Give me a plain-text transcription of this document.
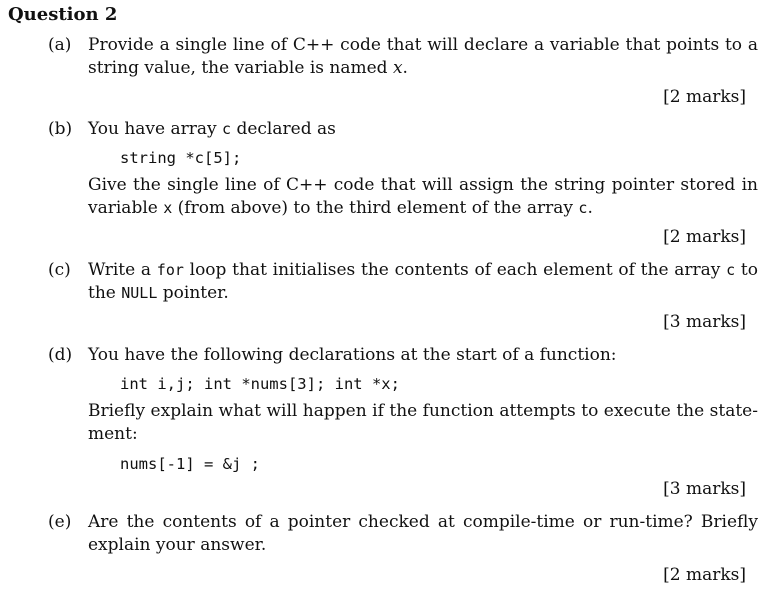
Question 2
(a) Provide a single line of C++ code that will declare a variable that points to a
string value, the variable is named x.
[2 marks]
(b) You have array c declared as
string *c[5];
Give the single line of C++ code that will assign the string pointer stored in
variable x (from above) to the third element of the array c.
[2 marks]
(c) Write a for loop that initialises the contents of each element of the array c to
the NULL pointer.
[3 marks]
(d) You have the following declarations at the start of a function:
int i,j; int *nums[3]; int *x;
Briefly explain what will happen if the function attempts to execute the state-
ment:
nums[-1] = &j ;
[3 marks]
(e) Are the contents of a pointer checked at compile-time or run-time? Briefly
explain your answer.
[2 marks]
